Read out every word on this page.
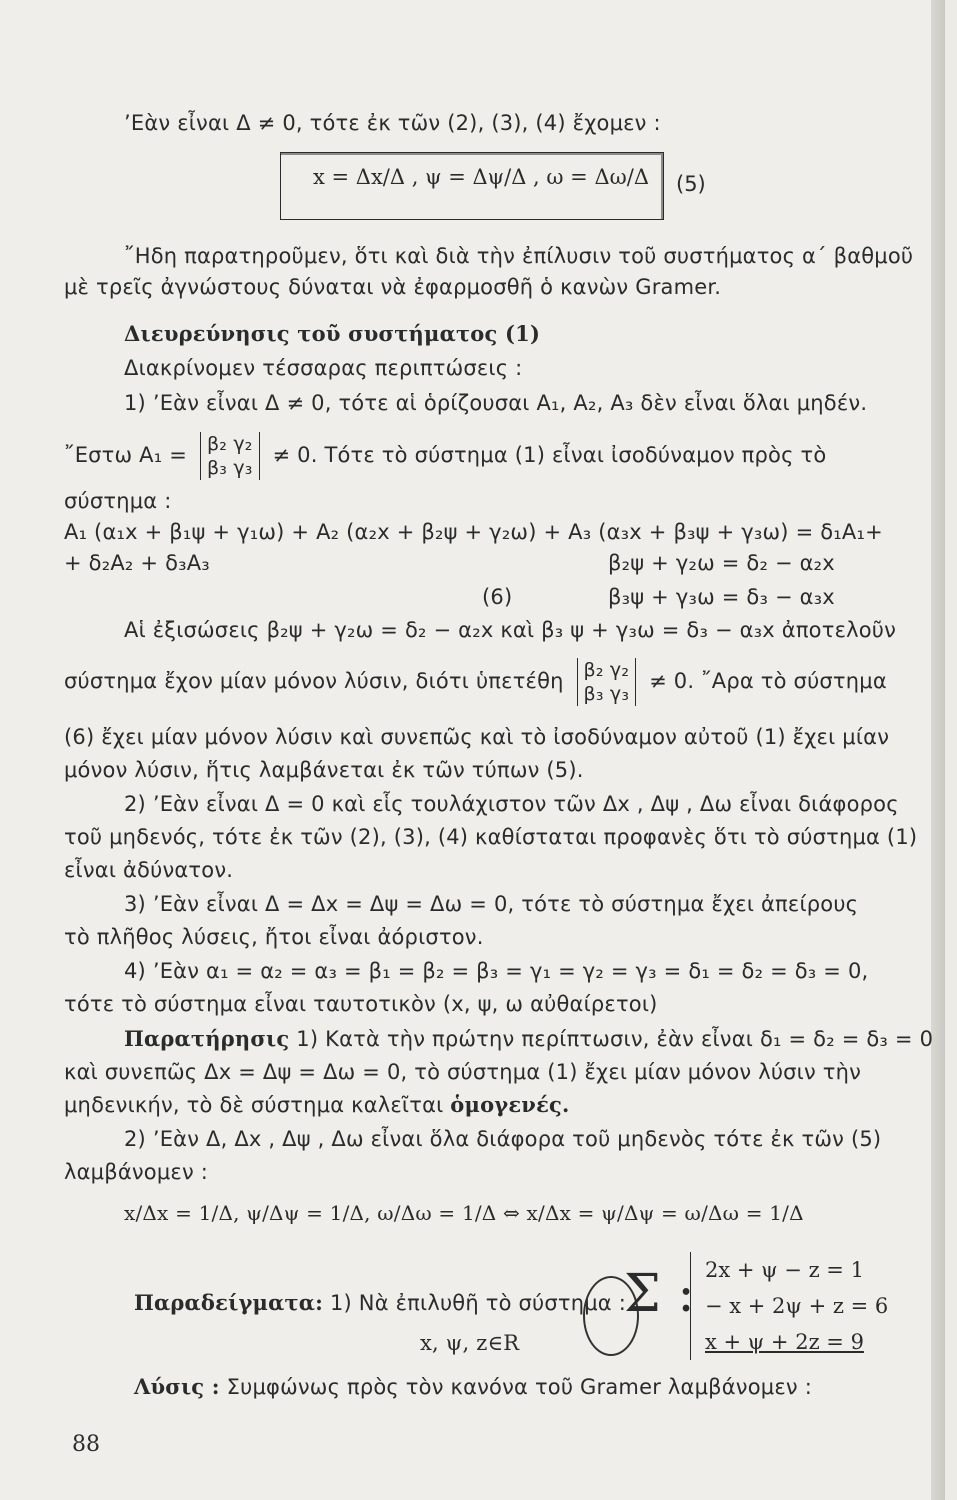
’Εὰν εἶναι Δ ≠ 0, τότε ἐκ τῶν (2), (3), (4) ἔχομεν :
x = Δx/Δ , ψ = Δψ/Δ , ω = Δω/Δ (5)
῎Ηδη παρατηροῦμεν, ὅτι καὶ διὰ τὴν ἐπίλυσιν τοῦ συστήματος α΄ βαθμοῦ
μὲ τρεῖς ἀγνώστους δύναται νὰ ἐφαρμοσθῆ ὁ κανὼν Gramer.
Διευρεύνησις τοῦ συστήματος (1)
Διακρίνομεν τέσσαρας περιπτώσεις :
1) ’Εὰν εἶναι Δ ≠ 0, τότε αἱ ὁρίζουσαι A₁, A₂, A₃ δὲν εἶναι ὅλαι μηδέν.
῎Εστω A₁ = β₂ γ₂
β₃ γ₃
≠ 0. Τότε τὸ σύστημα (1) εἶναι ἰσοδύναμον πρὸς τὸ
σύστημα :
A₁ (α₁x + β₁ψ + γ₁ω) + A₂ (α₂x + β₂ψ + γ₂ω) + A₃ (α₃x + β₃ψ + γ₃ω) = δ₁A₁+
+ δ₂A₂ + δ₃A₃	β₂ψ + γ₂ω = δ₂ − α₂x
(6)	β₃ψ + γ₃ω = δ₃ − α₃x
Αἱ ἐξισώσεις β₂ψ + γ₂ω = δ₂ − α₂x καὶ β₃ ψ + γ₃ω = δ₃ − α₃x ἀποτελοῦν
σύστημα ἔχον μίαν μόνον λύσιν, διότι ὑπετέθη β₂ γ₂
β₃ γ₃
≠ 0. ῎Αρα τὸ σύστημα
(6) ἔχει μίαν μόνον λύσιν καὶ συνεπῶς καὶ τὸ ἰσοδύναμον αὐτοῦ (1) ἔχει μίαν
μόνον λύσιν, ἥτις λαμβάνεται ἐκ τῶν τύπων (5).
2) ’Εὰν εἶναι Δ = 0 καὶ εἷς τουλάχιστον τῶν Δx , Δψ , Δω εἶναι διάφορος
τοῦ μηδενός, τότε ἐκ τῶν (2), (3), (4) καθίσταται προφανὲς ὅτι τὸ σύστημα (1)
εἶναι ἀδύνατον.
3) ’Εὰν εἶναι Δ = Δx = Δψ = Δω = 0, τότε τὸ σύστημα ἔχει ἀπείρους
τὸ πλῆθος λύσεις, ἤτοι εἶναι ἀόριστον.
4) ’Εὰν α₁ = α₂ = α₃ = β₁ = β₂ = β₃ = γ₁ = γ₂ = γ₃ = δ₁ = δ₂ = δ₃ = 0,
τότε τὸ σύστημα εἶναι ταυτοτικὸν (x, ψ, ω αὐθαίρετοι)
Παρατήρησις 1) Κατὰ τὴν πρώτην περίπτωσιν, ἐὰν εἶναι δ₁ = δ₂ = δ₃ = 0
καὶ συνεπῶς Δx = Δψ = Δω = 0, τὸ σύστημα (1) ἔχει μίαν μόνον λύσιν τὴν
μηδενικήν, τὸ δὲ σύστημα καλεῖται ὁμογενές.
2) ’Εὰν Δ, Δx , Δψ , Δω εἶναι ὅλα διάφορα τοῦ μηδενὸς τότε ἐκ τῶν (5)
λαμβάνομεν :
x/Δx = 1/Δ, ψ/Δψ = 1/Δ, ω/Δω = 1/Δ ⇔ x/Δx = ψ/Δψ = ω/Δω = 1/Δ
Παραδείγματα: 1) Νὰ ἐπιλυθῆ τὸ σύστημα :
Σ :
x, ψ, z∈R
2x + ψ − z = 1
− x + 2ψ + z = 6
x + ψ + 2z = 9
Λύσις : Συμφώνως πρὸς τὸν κανόνα τοῦ Gramer λαμβάνομεν :
88
